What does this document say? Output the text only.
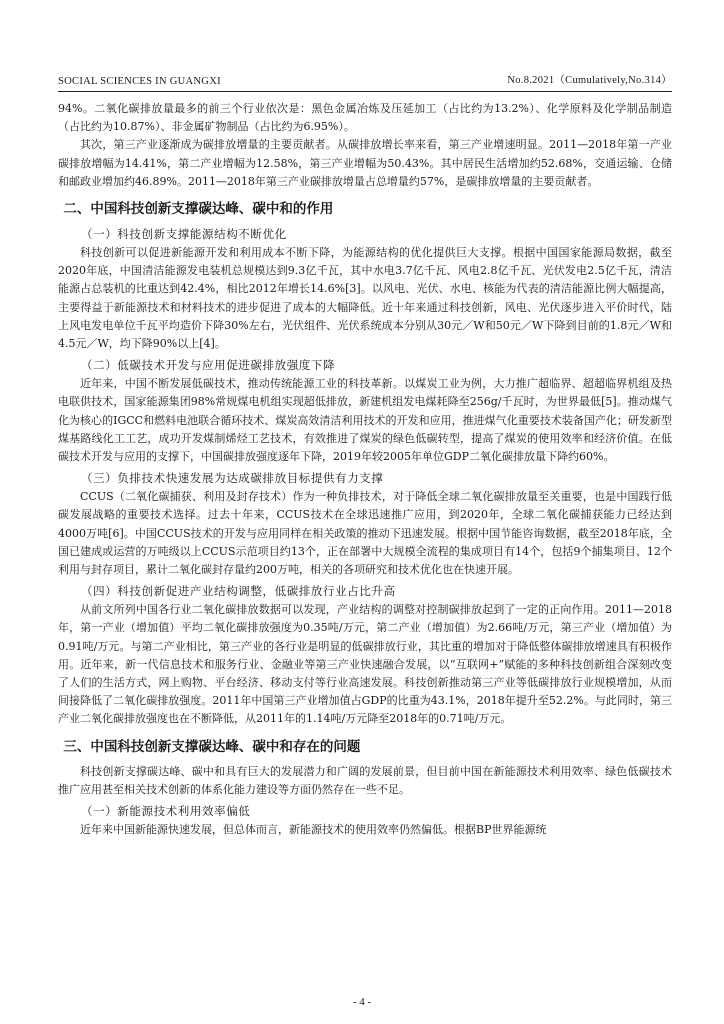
SOCIAL SCIENCES IN GUANGXI	No.8.2021（Cumulatively,No.314）

94%。二氧化碳排放量最多的前三个行业依次是：黑色金属冶炼及压延加工（占比约为13.2%）、化学原料及化学制品制造（占比约为10.87%）、非金属矿物制品（占比约为6.95%）。

其次，第三产业逐渐成为碳排放增量的主要贡献者。从碳排放增长率来看，第三产业增速明显。2011—2018年第一产业碳排放增幅为14.41%，第二产业增幅为12.58%，第三产业增幅为50.43%。其中居民生活增加约52.68%，交通运输、仓储和邮政业增加约46.89%。2011—2018年第三产业碳排放增量占总增量约57%，是碳排放增量的主要贡献者。

二、中国科技创新支撑碳达峰、碳中和的作用
（一）科技创新支撑能源结构不断优化

科技创新可以促进新能源开发和利用成本不断下降，为能源结构的优化提供巨大支撑。根据中国国家能源局数据，截至2020年底，中国清洁能源发电装机总规模达到9.3亿千瓦，其中水电3.7亿千瓦、风电2.8亿千瓦、光伏发电2.5亿千瓦，清洁能源占总装机的比重达到42.4%，相比2012年增长14.6%[3]。以风电、光伏、水电、核能为代表的清洁能源比例大幅提高，主要得益于新能源技术和材料技术的进步促进了成本的大幅降低。近十年来通过科技创新，风电、光伏逐步进入平价时代，陆上风电发电单位千瓦平均造价下降30%左右，光伏组件、光伏系统成本分别从30元／W和50元／W下降到目前的1.8元／W和4.5元／W，均下降90%以上[4]。

（二）低碳技术开发与应用促进碳排放强度下降

近年来，中国不断发展低碳技术，推动传统能源工业的科技革新。以煤炭工业为例，大力推广超临界、超超临界机组及热电联供技术，国家能源集团98%常规煤电机组实现超低排放，新建机组发电煤耗降至256g/千瓦时，为世界最低[5]。推动煤气化为核心的IGCC和燃料电池联合循环技术、煤炭高效清洁利用技术的开发和应用，推进煤气化重要技术装备国产化；研发新型煤基路线化工工艺，成功开发煤制烯烃工艺技术，有效推进了煤炭的绿色低碳转型，提高了煤炭的使用效率和经济价值。在低碳技术开发与应用的支撑下，中国碳排放强度逐年下降，2019年较2005年单位GDP二氧化碳排放量下降约60%。

（三）负排技术快速发展为达成碳排放目标提供有力支撑

CCUS（二氧化碳捕获、利用及封存技术）作为一种负排技术，对于降低全球二氧化碳排放量至关重要，也是中国践行低碳发展战略的重要技术选择。过去十年来，CCUS技术在全球迅速推广应用，到2020年，全球二氧化碳捕获能力已经达到4000万吨[6]。中国CCUS技术的开发与应用同样在相关政策的推动下迅速发展。根据中国节能咨询数据，截至2018年底，全国已建成或运营的万吨级以上CCUS示范项目约13个，正在部署中大规模全流程的集成项目有14个，包括9个捕集项目、12个利用与封存项目，累计二氧化碳封存量约200万吨，相关的各项研究和技术优化也在快速开展。

（四）科技创新促进产业结构调整，低碳排放行业占比升高

从前文所列中国各行业二氧化碳排放数据可以发现，产业结构的调整对控制碳排放起到了一定的正向作用。2011—2018年，第一产业（增加值）平均二氧化碳排放强度为0.35吨/万元，第二产业（增加值）为2.66吨/万元，第三产业（增加值）为0.91吨/万元。与第二产业相比，第三产业的各行业是明显的低碳排放行业，其比重的增加对于降低整体碳排放增速具有积极作用。近年来，新一代信息技术和服务行业、金融业等第三产业快速融合发展，以“互联网+”赋能的多种科技创新组合深刻改变了人们的生活方式，网上购物、平台经济、移动支付等行业高速发展。科技创新推动第三产业等低碳排放行业规模增加，从而间接降低了二氧化碳排放强度。2011年中国第三产业增加值占GDP的比重为43.1%，2018年提升至52.2%。与此同时，第三产业二氧化碳排放强度也在不断降低，从2011年的1.14吨/万元降至2018年的0.71吨/万元。

三、中国科技创新支撑碳达峰、碳中和存在的问题

科技创新支撑碳达峰、碳中和具有巨大的发展潜力和广阔的发展前景，但目前中国在新能源技术利用效率、绿色低碳技术推广应用甚至相关技术创新的体系化能力建设等方面仍然存在一些不足。

（一）新能源技术利用效率偏低

近年来中国新能源快速发展，但总体而言，新能源技术的使用效率仍然偏低。根据BP世界能源统

- 4 -
